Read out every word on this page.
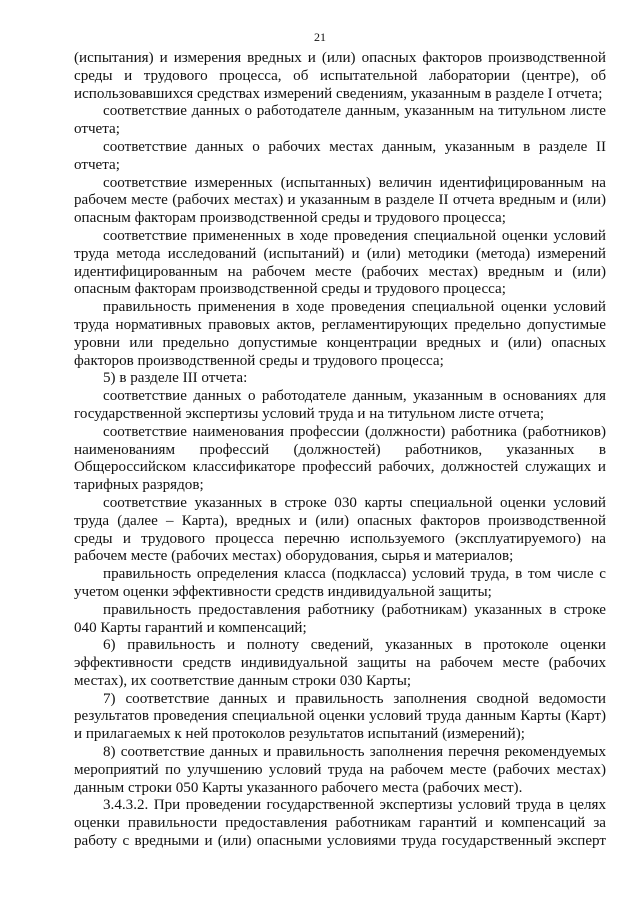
21

(испытания) и измерения вредных и (или) опасных факторов производственной среды и трудового процесса, об испытательной лаборатории (центре), об использовавшихся средствах измерений сведениям, указанным в разделе I отчета;

соответствие данных о работодателе данным, указанным на титульном листе отчета;

соответствие данных о рабочих местах данным, указанным в разделе II отчета;

соответствие измеренных (испытанных) величин идентифицированным на рабочем месте (рабочих местах) и указанным в разделе II отчета вредным и (или) опасным факторам производственной среды и трудового процесса;

соответствие примененных в ходе проведения специальной оценки условий труда метода исследований (испытаний) и (или) методики (метода) измерений идентифицированным на рабочем месте (рабочих местах) вредным и (или) опасным факторам производственной среды и трудового процесса;

правильность применения в ходе проведения специальной оценки условий труда нормативных правовых актов, регламентирующих предельно допустимые уровни или предельно допустимые концентрации вредных и (или) опасных факторов производственной среды и трудового процесса;

5) в разделе III отчета:

соответствие данных о работодателе данным, указанным в основаниях для государственной экспертизы условий труда и на титульном листе отчета;

соответствие наименования профессии (должности) работника (работников) наименованиям профессий (должностей) работников, указанных в Общероссийском классификаторе профессий рабочих, должностей служащих и тарифных разрядов;

соответствие указанных в строке 030 карты специальной оценки условий труда (далее – Карта), вредных и (или) опасных факторов производственной среды и трудового процесса перечню используемого (эксплуатируемого) на рабочем месте (рабочих местах) оборудования, сырья и материалов;

правильность определения класса (подкласса) условий труда, в том числе с учетом оценки эффективности средств индивидуальной защиты;

правильность предоставления работнику (работникам) указанных в строке 040 Карты гарантий и компенсаций;

6) правильность и полноту сведений, указанных в протоколе оценки эффективности средств индивидуальной защиты на рабочем месте (рабочих местах), их соответствие данным строки 030 Карты;

7) соответствие данных и правильность заполнения сводной ведомости результатов проведения специальной оценки условий труда данным Карты (Карт) и прилагаемых к ней протоколов результатов испытаний (измерений);

8) соответствие данных и правильность заполнения перечня рекомендуемых мероприятий по улучшению условий труда на рабочем месте (рабочих местах) данным строки 050 Карты указанного рабочего места (рабочих мест).

3.4.3.2. При проведении государственной экспертизы условий труда в целях оценки правильности предоставления работникам гарантий и компенсаций за работу с вредными и (или) опасными условиями труда государственный эксперт
